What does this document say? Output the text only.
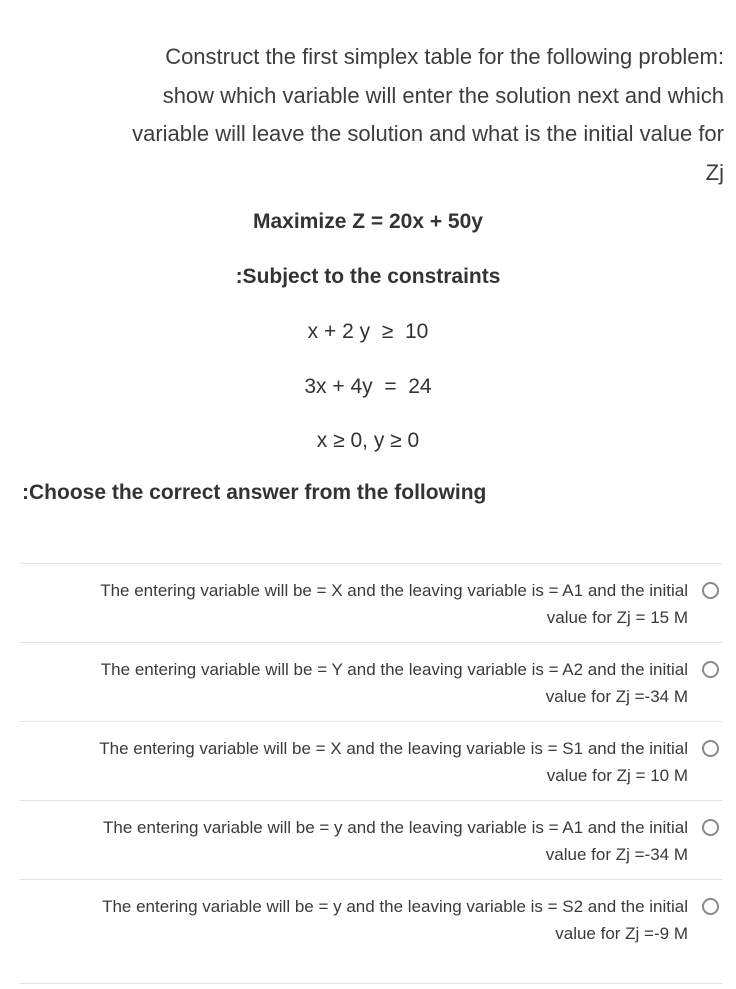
Construct the first simplex table for the following problem:
show which variable will enter the solution next and which
variable will leave the solution and what is the initial value for
Zj
Maximize Z = 20x + 50y
:Subject to the constraints
x + 2 y  ≥  10
3x + 4y  =  24
x ≥ 0, y ≥ 0
:Choose the correct answer from the following
The entering variable will be = X and the leaving variable is = A1 and the initial
value for Zj = 15 M
The entering variable will be = Y and the leaving variable is = A2 and the initial
value for Zj =-34 M
The entering variable will be = X and the leaving variable is = S1 and the initial
value for Zj = 10 M
The entering variable will be = y and the leaving variable is = A1 and the initial
value for Zj =-34 M
The entering variable will be = y and the leaving variable is = S2 and the initial
value for Zj =-9 M
